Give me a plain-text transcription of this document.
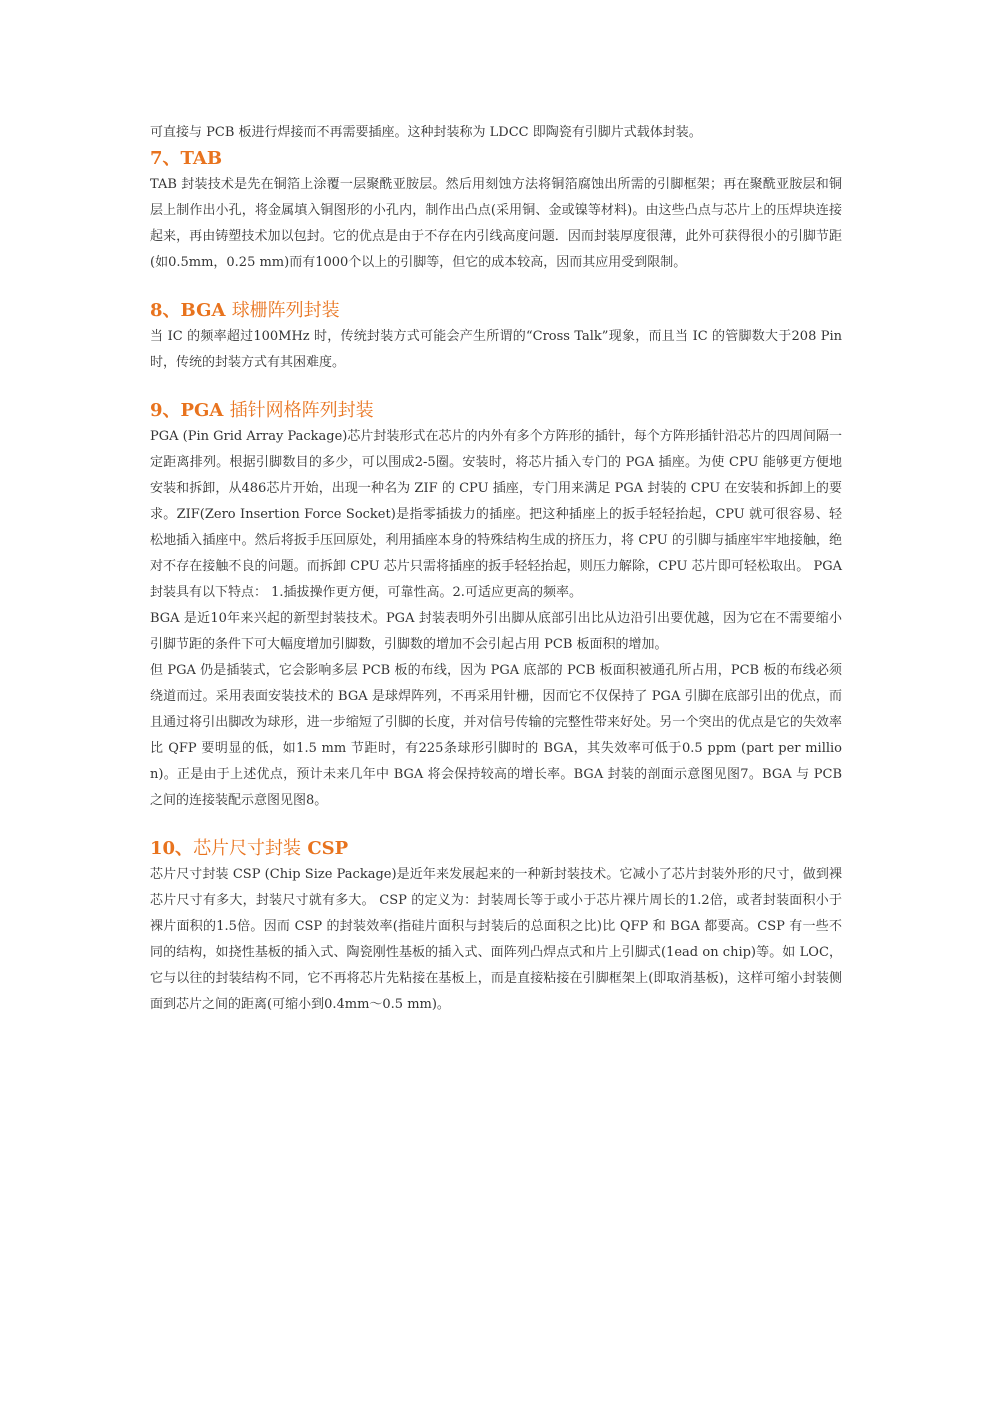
可直接与 PCB 板进行焊接而不再需要插座。这种封装称为 LDCC 即陶瓷有引脚片式载体封装。

7、TAB

TAB 封装技术是先在铜箔上涂覆一层聚酰亚胺层。然后用刻蚀方法将铜箔腐蚀出所需的引脚框架；再在聚酰亚胺层和铜层上制作出小孔，将金属填入铜图形的小孔内，制作出凸点(采用铜、金或镍等材料)。由这些凸点与芯片上的压焊块连接起来，再由铸塑技术加以包封。它的优点是由于不存在内引线高度问题．因而封装厚度很薄，此外可获得很小的引脚节距(如0.5mm，0.25 mm)而有1000个以上的引脚等，但它的成本较高，因而其应用受到限制。

8、BGA 球栅阵列封装

当 IC 的频率超过100MHz 时，传统封装方式可能会产生所谓的“Cross Talk”现象，而且当 IC 的管脚数大于208 Pin 时，传统的封装方式有其困难度。

9、PGA 插针网格阵列封装

PGA (Pin Grid Array Package)芯片封装形式在芯片的内外有多个方阵形的插针，每个方阵形插针沿芯片的四周间隔一定距离排列。根据引脚数目的多少，可以围成2-5圈。安装时，将芯片插入专门的 PGA 插座。为使 CPU 能够更方便地安装和拆卸，从486芯片开始，出现一种名为 ZIF 的 CPU 插座，专门用来满足 PGA 封装的 CPU 在安装和拆卸上的要求。ZIF(Zero Insertion Force Socket)是指零插拔力的插座。把这种插座上的扳手轻轻抬起，CPU 就可很容易、轻松地插入插座中。然后将扳手压回原处，利用插座本身的特殊结构生成的挤压力，将 CPU 的引脚与插座牢牢地接触，绝对不存在接触不良的问题。而拆卸 CPU 芯片只需将插座的扳手轻轻抬起，则压力解除，CPU 芯片即可轻松取出。 PGA 封装具有以下特点： 1.插拔操作更方便，可靠性高。2.可适应更高的频率。

BGA 是近10年来兴起的新型封装技术。PGA 封装表明外引出脚从底部引出比从边沿引出要优越，因为它在不需要缩小引脚节距的条件下可大幅度增加引脚数，引脚数的增加不会引起占用 PCB 板面积的增加。

但 PGA 仍是插装式，它会影响多层 PCB 板的布线，因为 PGA 底部的 PCB 板面积被通孔所占用，PCB 板的布线必须绕道而过。采用表面安装技术的 BGA 是球焊阵列，不再采用针栅，因而它不仅保持了 PGA 引脚在底部引出的优点，而且通过将引出脚改为球形，进一步缩短了引脚的长度，并对信号传输的完整性带来好处。另一个突出的优点是它的失效率比 QFP 要明显的低，如1.5 mm 节距时，有225条球形引脚时的 BGA，其失效率可低于0.5 ppm (part per million)。正是由于上述优点，预计未来几年中 BGA 将会保持较高的增长率。BGA 封装的剖面示意图见图7。BGA 与 PCB 之间的连接装配示意图见图8。

10、芯片尺寸封装 CSP

芯片尺寸封装 CSP (Chip Size Package)是近年来发展起来的一种新封装技术。它减小了芯片封装外形的尺寸，做到裸芯片尺寸有多大，封装尺寸就有多大。 CSP 的定义为：封装周长等于或小于芯片裸片周长的1.2倍，或者封装面积小于裸片面积的1.5倍。因而 CSP 的封装效率(指硅片面积与封装后的总面积之比)比 QFP 和 BGA 都要高。CSP 有一些不同的结构，如挠性基板的插入式、陶瓷刚性基板的插入式、面阵列凸焊点式和片上引脚式(1ead on chip)等。如 LOC，它与以往的封装结构不同，它不再将芯片先粘接在基板上，而是直接粘接在引脚框架上(即取消基板)，这样可缩小封装侧面到芯片之间的距离(可缩小到0.4mm～0.5 mm)。
